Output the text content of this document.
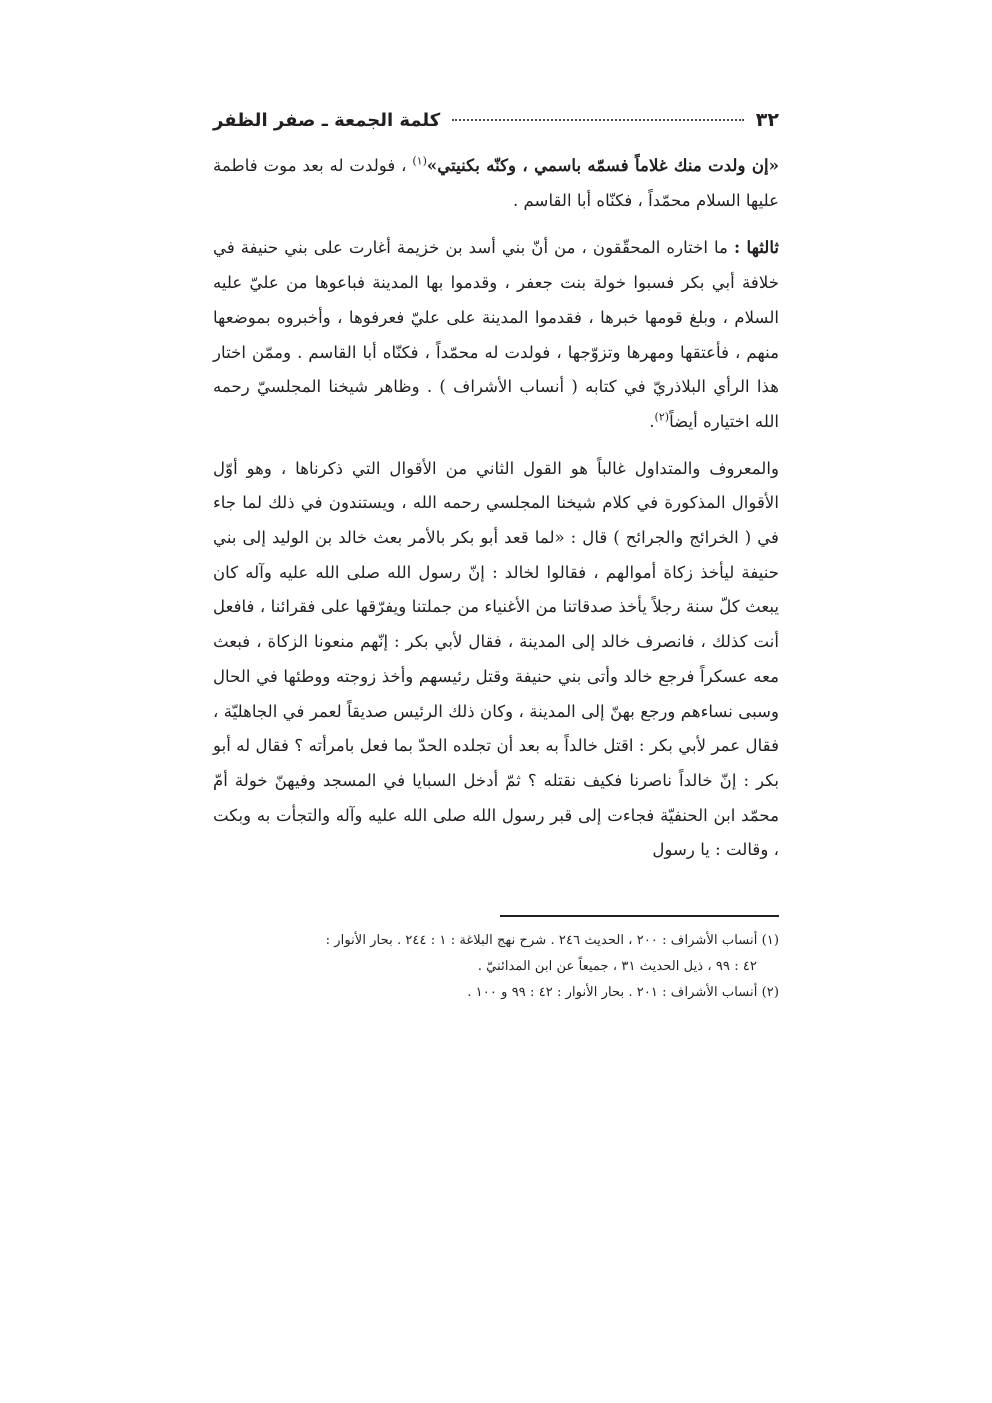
٣٢
كلمة الجمعة ـ صفر الظفر

«إن ولدت منك غلاماً فسمّه باسمي ، وكنّه بكنيتي»$^{(١)}$ ، فولدت له بعد موت فاطمة عليها السلام محمّداً ، فكنّاه أبا القاسم .

ثالثها : ما اختاره المحقّقون ، من أنّ بني أسد بن خزيمة أغارت على بني حنيفة في خلافة أبي بكر فسبوا خولة بنت جعفر ، وقدموا بها المدينة فباعوها من عليّ عليه السلام ، وبلغ قومها خبرها ، فقدموا المدينة على عليّ فعرفوها ، وأخبروه بموضعها منهم ، فأعتقها ومهرها وتزوّجها ، فولدت له محمّداً ، فكنّاه أبا القاسم . وممّن اختار هذا الرأي البلاذريّ في كتابه ( أنساب الأشراف ) . وظاهر شيخنا المجلسيّ رحمه الله اختياره أيضاً$^{(٢)}$.

والمعروف والمتداول غالباً هو القول الثاني من الأقوال التي ذكرناها ، وهو أوّل الأقوال المذكورة في كلام شيخنا المجلسي رحمه الله ، ويستندون في ذلك لما جاء في ( الخرائج والجرائح ) قال : «لما قعد أبو بكر بالأمر بعث خالد بن الوليد إلى بني حنيفة ليأخذ زكاة أموالهم ، فقالوا لخالد : إنّ رسول الله صلى الله عليه وآله كان يبعث كلّ سنة رجلاً يأخذ صدقاتنا من الأغنياء من جملتنا ويفرّقها على فقرائنا ، فافعل أنت كذلك ، فانصرف خالد إلى المدينة ، فقال لأبي بكر : إنّهم منعونا الزكاة ، فبعث معه عسكراً فرجع خالد وأتى بني حنيفة وقتل رئيسهم وأخذ زوجته ووطئها في الحال وسبى نساءهم ورجع بهنّ إلى المدينة ، وكان ذلك الرئيس صديقاً لعمر في الجاهليّة ، فقال عمر لأبي بكر : اقتل خالداً به بعد أن تجلده الحدّ بما فعل بامرأته ؟ فقال له أبو بكر : إنّ خالداً ناصرنا فكيف نقتله ؟ ثمّ أدخل السبايا في المسجد وفيهنّ خولة أمّ محمّد ابن الحنفيّة فجاءت إلى قبر رسول الله صلى الله عليه وآله والتجأت به وبكت ، وقالت : يا رسول

(١) أنساب الأشراف : ٢٠٠ ، الحديث ٢٤٦ . شرح نهج البلاغة : ١ : ٢٤٤ . بحار الأنوار :

٤٢ : ٩٩ ، ذيل الحديث ٣١ ، جميعاً عن ابن المدائنيّ .

(٢) أنساب الأشراف : ٢٠١ . بحار الأنوار : ٤٢ : ٩٩ و ١٠٠ .
